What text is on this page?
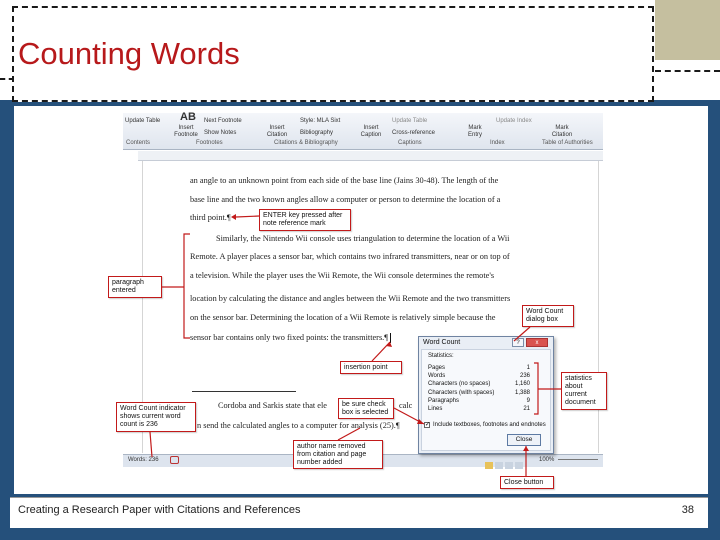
Counting Words
Update Table AB Next Footnote
Insert Footnote	Show Notes
Insert Citation
Style: MLA Sixt
Bibliography
Insert Caption
Update Table
Cross-reference
Mark Entry
Update Index
Mark Citation
Contents	Footnotes	Citations & Bibliography	Captions	Index	Table of Authorities
an angle to an unknown point from each side of the base line (Jains 30-48). The length of the
base line and the two known angles allow a computer or person to determine the location of a
third point.¶
Similarly, the Nintendo Wii console uses triangulation to determine the location of a Wii
Remote. A player places a sensor bar, which contains two infrared transmitters, near or on top of
a television. While the player uses the Wii Remote, the Wii console determines the remote's
location by calculating the distance and angles between the Wii Remote and the two transmitters
on the sensor bar. Determining the location of a Wii Remote is relatively simple because the
sensor bar contains only two fixed points: the transmitters.¶
Cordoba and Sarkis state that ele	calc
n send the calculated angles to a computer for analysis (25).¶
Words: 236	100%
Word Count	?	x
Statistics:
Pages	1
Words	236
Characters (no spaces)	1,160
Characters (with spaces)	1,388
Paragraphs	9
Lines	21
✓ Include textboxes, footnotes and endnotes
Close
ENTER key pressed after note reference mark
paragraph entered
Word Count dialog box
insertion point
statistics about current document
be sure check box is selected
Word Count indicator shows current word count is 236
author name removed from citation and page number added
Close button
Creating a Research Paper with Citations and References	38
